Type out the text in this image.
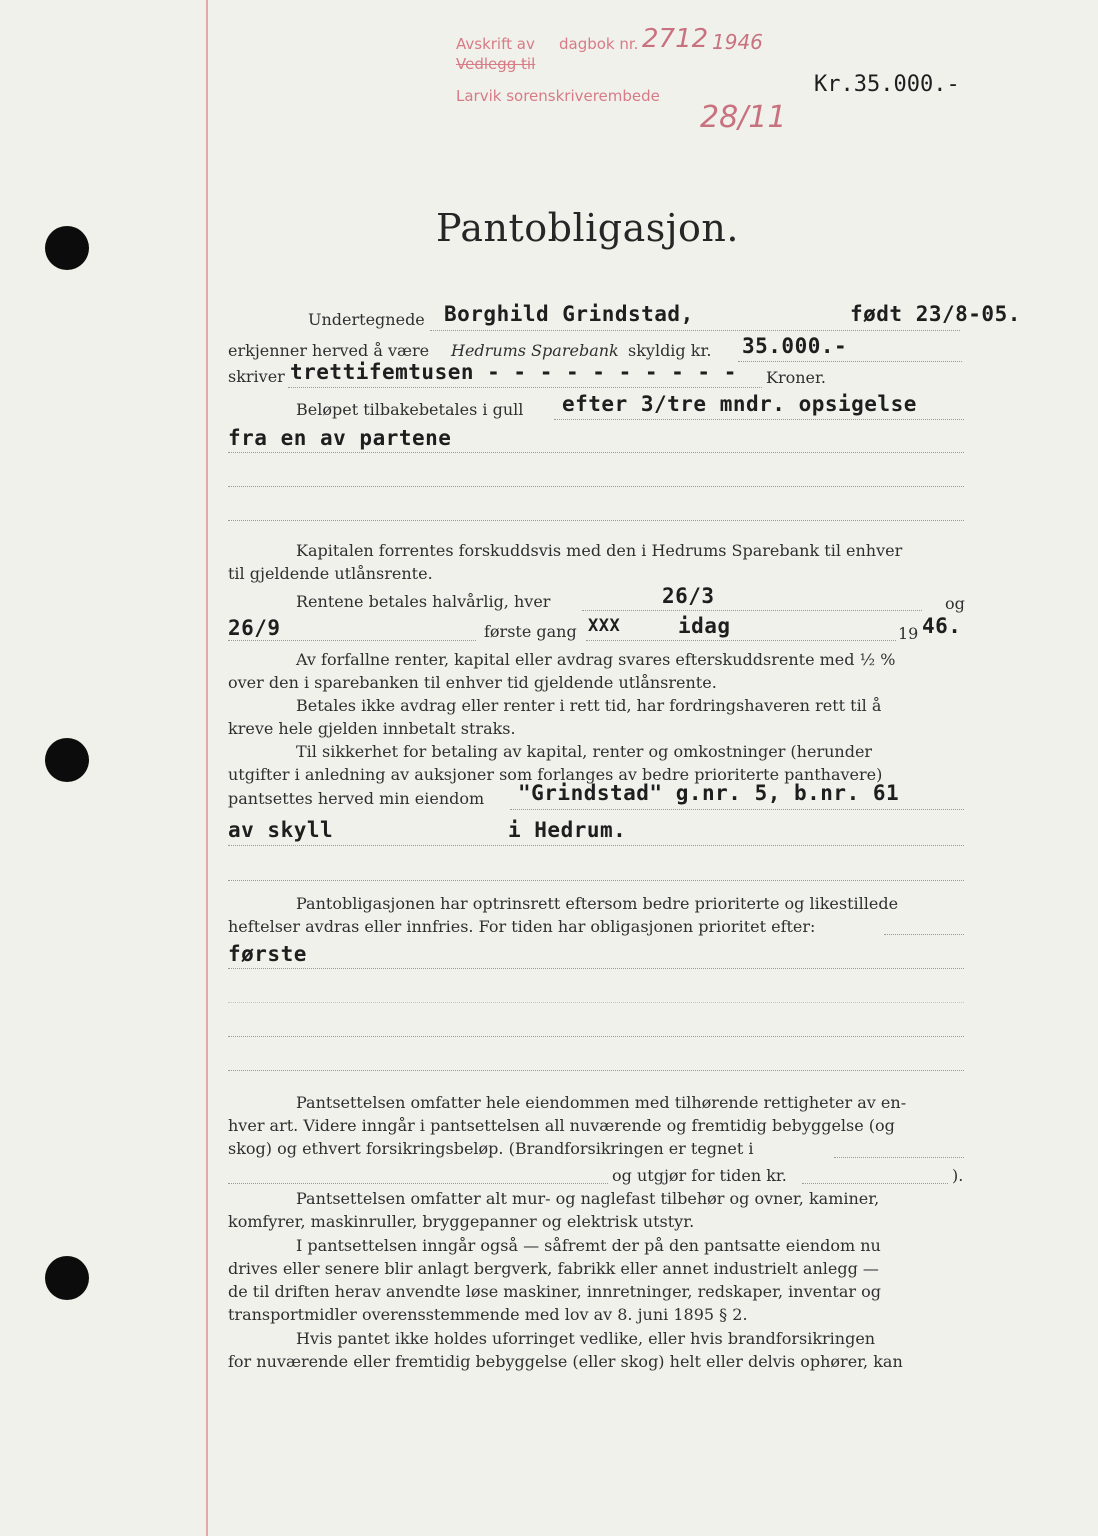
Avskrift av dagbok nr.
Vedlegg til
Larvik sorenskriverembede
2712 1946
28/11
Kr.35.000.-
Pantobligasjon.
Undertegnede Borghild Grindstad,	født 23/8-05.
erkjenner herved å være Hedrums Sparebank skyldig kr. 35.000.-
skriver trettifemtusen - - - - - - - - - - Kroner.
Beløpet tilbakebetales i gull efter 3/tre mndr. opsigelse
fra en av partene
Kapitalen forrentes forskuddsvis med den i Hedrums Sparebank til enhver
til gjeldende utlånsrente.
Rentene betales halvårlig, hver	26/3	og
26/9	første gang XXX	idag	19 46.
Av forfallne renter, kapital eller avdrag svares efterskuddsrente med ½ %
over den i sparebanken til enhver tid gjeldende utlånsrente.
Betales ikke avdrag eller renter i rett tid, har fordringshaveren rett til å
kreve hele gjelden innbetalt straks.
Til sikkerhet for betaling av kapital, renter og omkostninger (herunder
utgifter i anledning av auksjoner som forlanges av bedre prioriterte panthavere)
pantsettes herved min eiendom "Grindstad" g.nr. 5, b.nr. 61
av skyll	i Hedrum.
Pantobligasjonen har optrinsrett eftersom bedre prioriterte og likestillede
heftelser avdras eller innfries. For tiden har obligasjonen prioritet efter:
første
Pantsettelsen omfatter hele eiendommen med tilhørende rettigheter av en-
hver art. Videre inngår i pantsettelsen all nuværende og fremtidig bebyggelse (og
skog) og ethvert forsikringsbeløp. (Brandforsikringen er tegnet i
og utgjør for tiden kr.	).
Pantsettelsen omfatter alt mur- og naglefast tilbehør og ovner, kaminer,
komfyrer, maskinruller, bryggepanner og elektrisk utstyr.
I pantsettelsen inngår også — såfremt der på den pantsatte eiendom nu
drives eller senere blir anlagt bergverk, fabrikk eller annet industrielt anlegg —
de til driften herav anvendte løse maskiner, innretninger, redskaper, inventar og
transportmidler overensstemmende med lov av 8. juni 1895 § 2.
Hvis pantet ikke holdes uforringet vedlike, eller hvis brandforsikringen
for nuværende eller fremtidig bebyggelse (eller skog) helt eller delvis ophører, kan
